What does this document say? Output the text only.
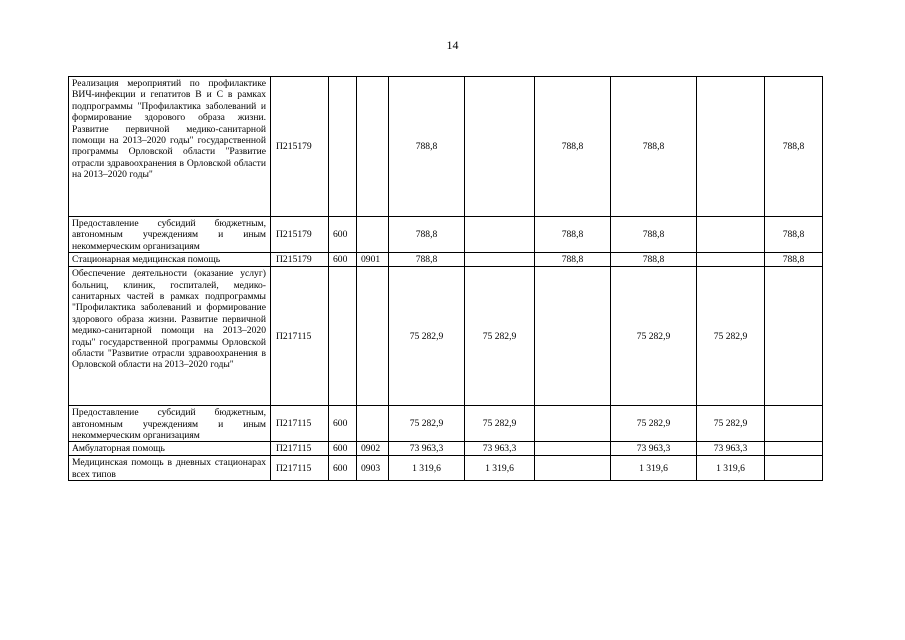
14
Реализация мероприятий по профилактике ВИЧ-инфекции и гепатитов В и С в рамках подпрограммы "Профилактика заболеваний и формирование здорового образа жизни. Развитие первичной медико-санитарной помощи на 2013–2020 годы" государственной программы Орловской области "Развитие отрасли здравоохранения в Орловской области на 2013–2020 годы"	П215179			788,8		788,8	788,8		788,8
Предоставление субсидий бюджетным, автономным учреждениям и иным некоммерческим организациям	П215179	600		788,8		788,8	788,8		788,8
Стационарная медицинская помощь	П215179	600	0901	788,8		788,8	788,8		788,8
Обеспечение деятельности (оказание услуг) больниц, клиник, госпиталей, медико-санитарных частей в рамках подпрограммы "Профилактика заболеваний и формирование здорового образа жизни. Развитие первичной медико-санитарной помощи на 2013–2020 годы" государственной программы Орловской области "Развитие отрасли здравоохранения в Орловской области на 2013–2020 годы"	П217115			75 282,9	75 282,9		75 282,9	75 282,9	
Предоставление субсидий бюджетным, автономным учреждениям и иным некоммерческим организациям	П217115	600		75 282,9	75 282,9		75 282,9	75 282,9	
Амбулаторная помощь	П217115	600	0902	73 963,3	73 963,3		73 963,3	73 963,3	
Медицинская помощь в дневных стационарах всех типов	П217115	600	0903	1 319,6	1 319,6		1 319,6	1 319,6	
